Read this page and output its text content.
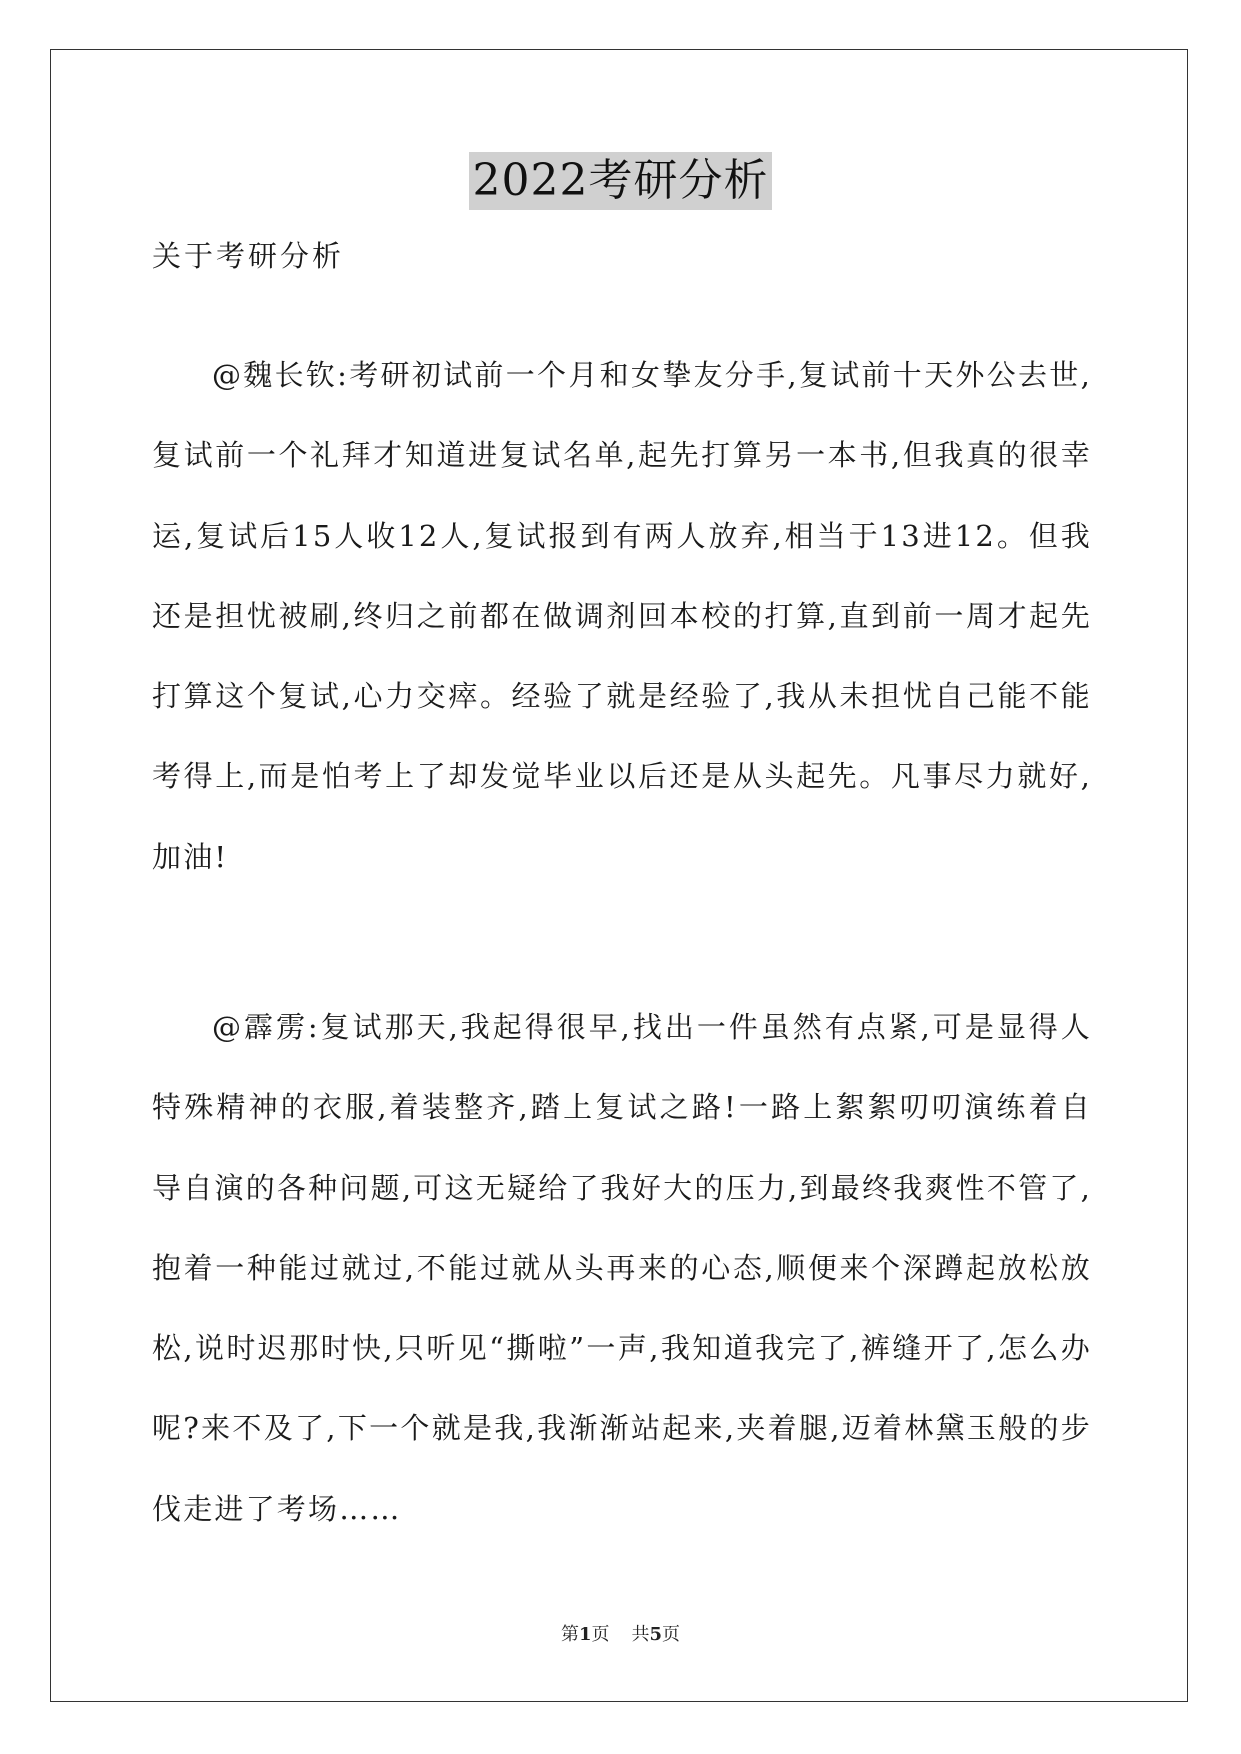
2022考研分析
关于考研分析

@魏长钦:考研初试前一个月和女挚友分手,复试前十天外公去世,复试前一个礼拜才知道进复试名单,起先打算另一本书,但我真的很幸运,复试后15人收12人,复试报到有两人放弃,相当于13进12。但我还是担忧被刷,终归之前都在做调剂回本校的打算,直到前一周才起先打算这个复试,心力交瘁。经验了就是经验了,我从未担忧自己能不能考得上,而是怕考上了却发觉毕业以后还是从头起先。凡事尽力就好,加油!

@霹雳:复试那天,我起得很早,找出一件虽然有点紧,可是显得人特殊精神的衣服,着装整齐,踏上复试之路!一路上絮絮叨叨演练着自导自演的各种问题,可这无疑给了我好大的压力,到最终我爽性不管了,抱着一种能过就过,不能过就从头再来的心态,顺便来个深蹲起放松放松,说时迟那时快,只听见“撕啦”一声,我知道我完了,裤缝开了,怎么办呢?来不及了,下一个就是我,我渐渐站起来,夹着腿,迈着林黛玉般的步伐走进了考场……

第1页 共5页
